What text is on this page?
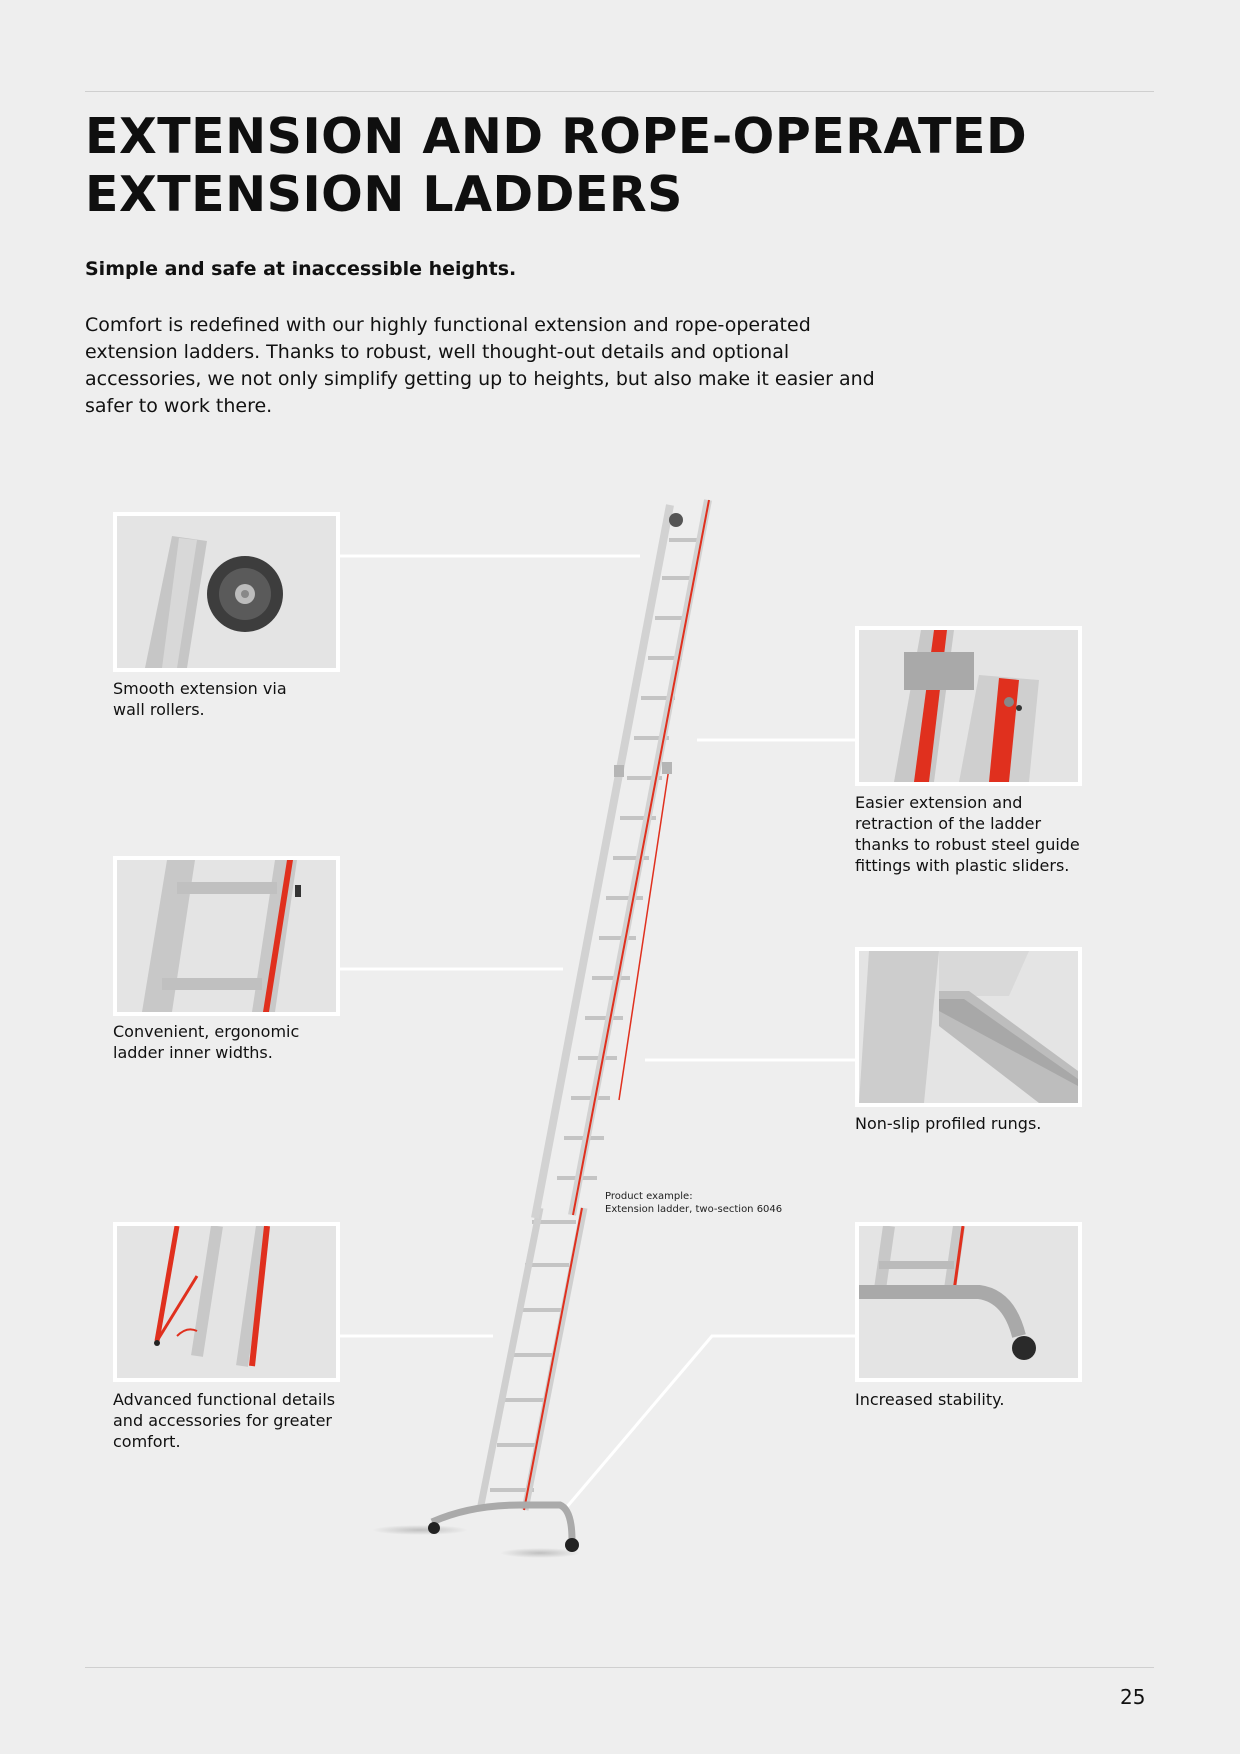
EXTENSION AND ROPE-OPERATED
EXTENSION LADDERS
Simple and safe at inaccessible heights.
Comfort is redefined with our highly functional extension and rope-operated extension ladders. Thanks to robust, well thought-out details and optional accessories, we not only simplify getting up to heights, but also make it easier and safer to work there.
Smooth extension via
wall rollers.
Easier extension and
retraction of the ladder
thanks to robust steel guide
fittings with plastic sliders.
Convenient, ergonomic
ladder inner widths.
Non-slip profiled rungs.
Advanced functional details
and accessories for greater
comfort.
Increased stability.
Product example:
Extension ladder, two-section 6046
25
